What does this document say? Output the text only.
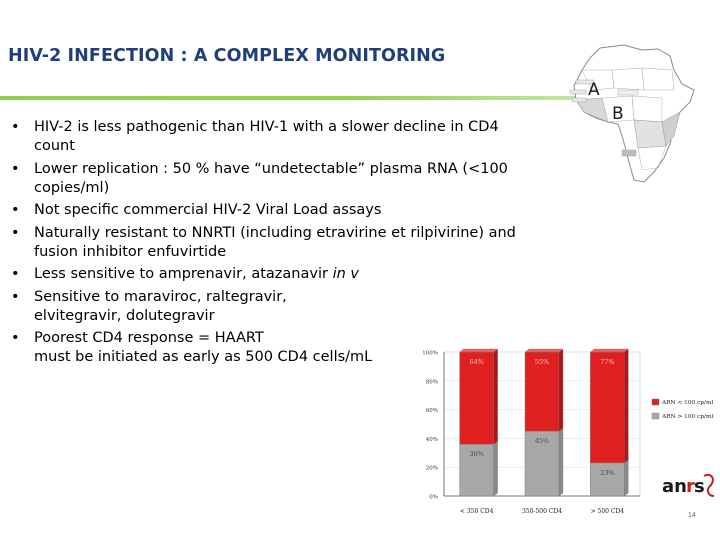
HIV-2 INFECTION : A COMPLEX MONITORING
• HIV-2 is less pathogenic than HIV-1 with a slower decline in CD4
count
• Lower replication : 50 % have “undetectable” plasma RNA (<100
copies/ml)
• Not specific commercial HIV-2 Viral Load assays
• Naturally resistant to NNRTI (including etravirine et rilpivirine) and
fusion inhibitor enfuvirtide
• Less sensitive to amprenavir, atazanavir in v
• Sensitive to maraviroc, raltegravir,
elvitegravir, dolutegravir
• Poorest CD4 response = HAART
must be initiated as early as 500 CD4 cells/mL
A
B
36%
64%
45%
55%
23%
77%
0%
20%
40%
60%
80%
100%
< 350 CD4	350-500 CD4	> 500 CD4
ARN < 100 cp/ml
ARN > 100 cp/ml
an r s
14
